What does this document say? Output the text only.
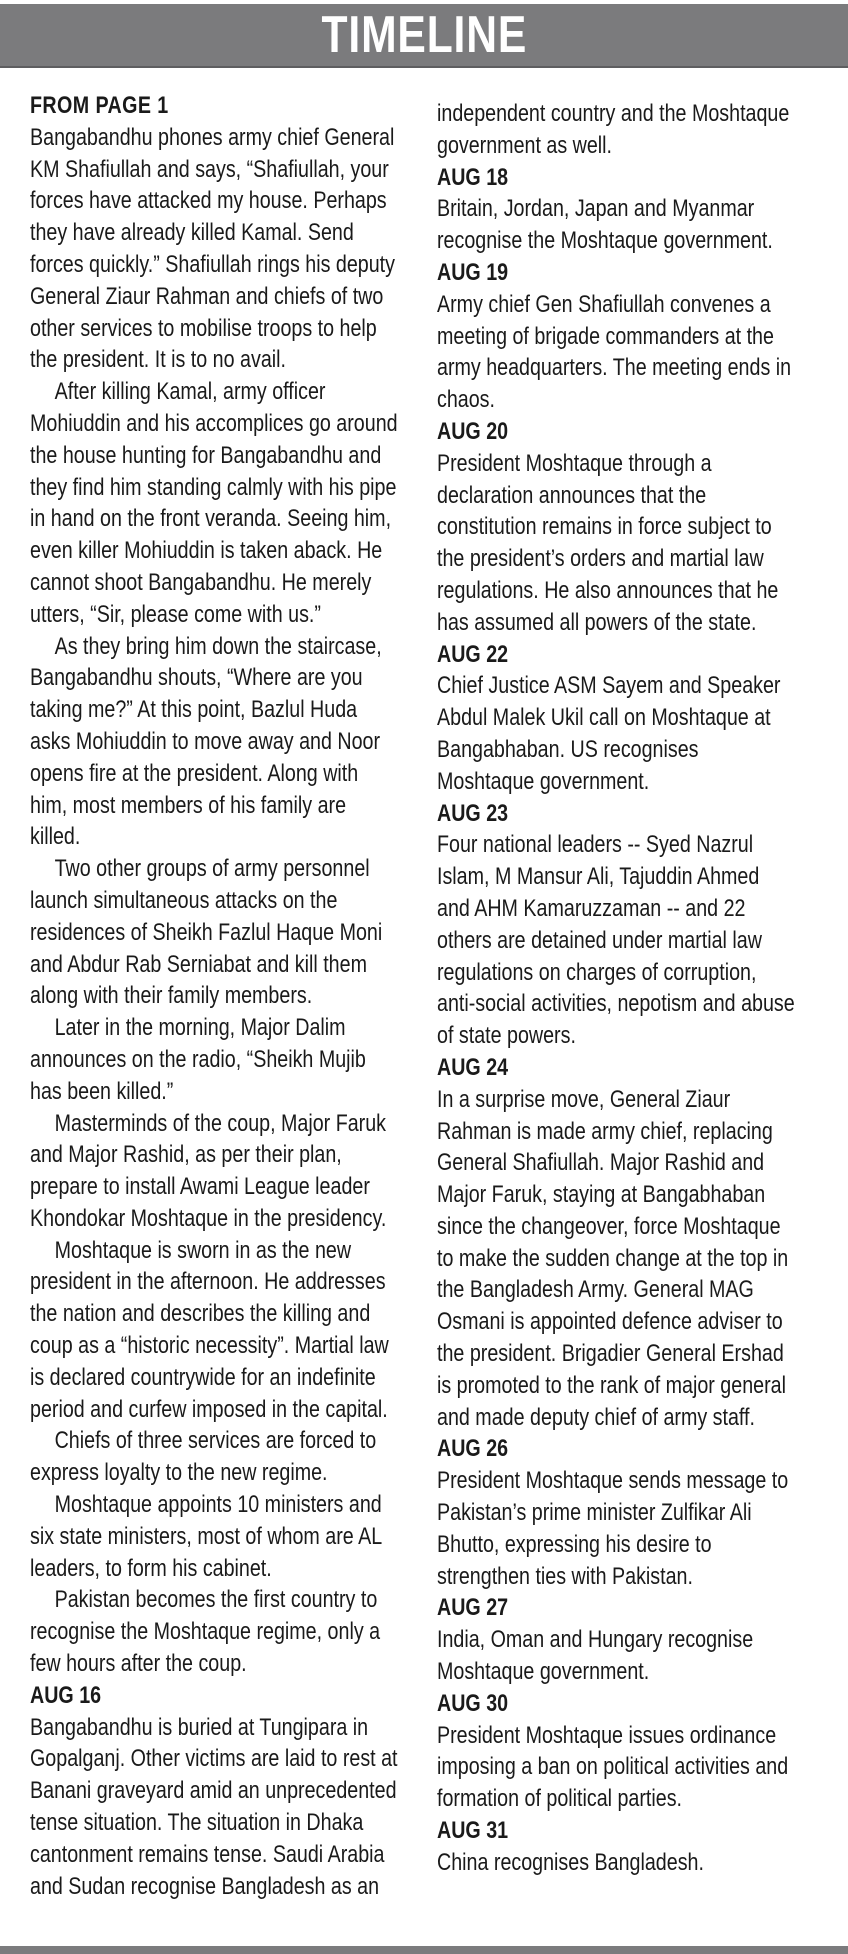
TIMELINE
FROM PAGE 1

Bangabandhu phones army chief General KM Shafiullah and says, “Shafiullah, your forces have attacked my house. Perhaps they have already killed Kamal. Send forces quickly.” Shafiullah rings his deputy General Ziaur Rahman and chiefs of two other services to mobilise troops to help the president. It is to no avail.

After killing Kamal, army officer Mohiuddin and his accomplices go around the house hunting for Bangabandhu and they find him standing calmly with his pipe in hand on the front veranda. Seeing him, even killer Mohiuddin is taken aback. He cannot shoot Bangabandhu. He merely utters, “Sir, please come with us.”

As they bring him down the staircase, Bangabandhu shouts, “Where are you taking me?” At this point, Bazlul Huda asks Mohiuddin to move away and Noor opens fire at the president. Along with him, most members of his family are killed.

Two other groups of army personnel launch simultaneous attacks on the residences of Sheikh Fazlul Haque Moni and Abdur Rab Serniabat and kill them along with their family members.

Later in the morning, Major Dalim announces on the radio, “Sheikh Mujib has been killed.”

Masterminds of the coup, Major Faruk and Major Rashid, as per their plan, prepare to install Awami League leader Khondokar Moshtaque in the presidency.

Moshtaque is sworn in as the new president in the afternoon. He addresses the nation and describes the killing and coup as a “historic necessity”. Martial law is declared countrywide for an indefinite period and curfew imposed in the capital.

Chiefs of three services are forced to express loyalty to the new regime.

Moshtaque appoints 10 ministers and six state ministers, most of whom are AL leaders, to form his cabinet.

Pakistan becomes the first country to recognise the Moshtaque regime, only a few hours after the coup.

AUG 16

Bangabandhu is buried at Tungipara in Gopalganj. Other victims are laid to rest at Banani graveyard amid an unprecedented tense situation. The situation in Dhaka cantonment remains tense. Saudi Arabia and Sudan recognise Bangladesh as an

independent country and the Moshtaque government as well.

AUG 18

Britain, Jordan, Japan and Myanmar recognise the Moshtaque government.

AUG 19

Army chief Gen Shafiullah convenes a meeting of brigade commanders at the army headquarters. The meeting ends in chaos.

AUG 20

President Moshtaque through a declaration announces that the constitution remains in force subject to the president’s orders and martial law regulations. He also announces that he has assumed all powers of the state.

AUG 22

Chief Justice ASM Sayem and Speaker Abdul Malek Ukil call on Moshtaque at Bangabhaban. US recognises Moshtaque government.

AUG 23

Four national leaders -- Syed Nazrul Islam, M Mansur Ali, Tajuddin Ahmed and AHM Kamaruzzaman -- and 22 others are detained under martial law regulations on charges of corruption, anti-social activities, nepotism and abuse of state powers.

AUG 24

In a surprise move, General Ziaur Rahman is made army chief, replacing General Shafiullah. Major Rashid and Major Faruk, staying at Bangabhaban since the changeover, force Moshtaque to make the sudden change at the top in the Bangladesh Army. General MAG Osmani is appointed defence adviser to the president. Brigadier General Ershad is promoted to the rank of major general and made deputy chief of army staff.

AUG 26

President Moshtaque sends message to Pakistan’s prime minister Zulfikar Ali Bhutto, expressing his desire to strengthen ties with Pakistan.

AUG 27

India, Oman and Hungary recognise Moshtaque government.

AUG 30

President Moshtaque issues ordinance imposing a ban on political activities and formation of political parties.

AUG 31

China recognises Bangladesh.
